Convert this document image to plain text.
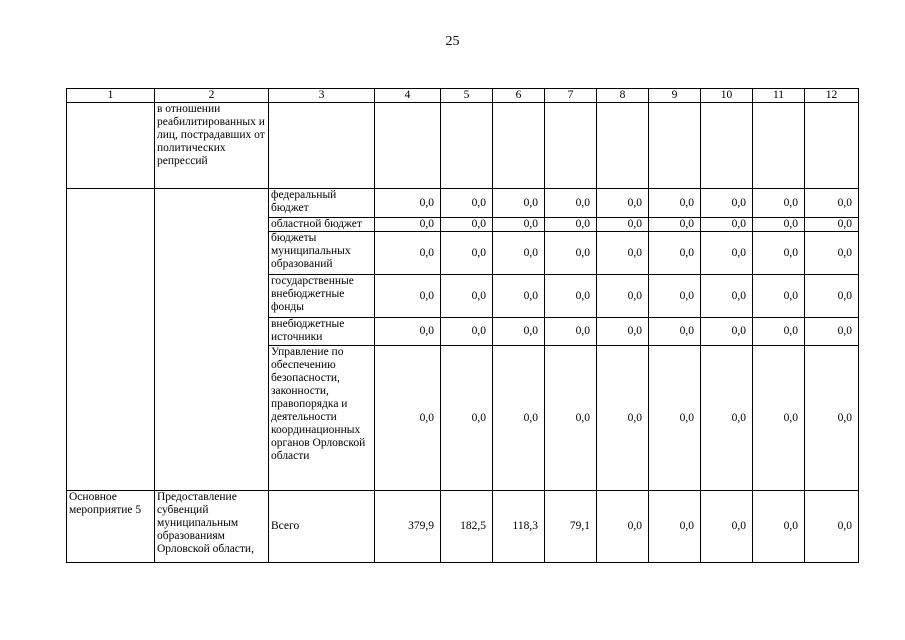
25
1	2	3	4	5	6	7	8	9	10	11	12
	в отношении реабилитированных и лиц, пострадавших от политических репрессий										
		федеральный бюджет	0,0	0,0	0,0	0,0	0,0	0,0	0,0	0,0	0,0
		областной бюджет	0,0	0,0	0,0	0,0	0,0	0,0	0,0	0,0	0,0
		бюджеты муниципальных образований	0,0	0,0	0,0	0,0	0,0	0,0	0,0	0,0	0,0
		государственные внебюджетные фонды	0,0	0,0	0,0	0,0	0,0	0,0	0,0	0,0	0,0
		внебюджетные источники	0,0	0,0	0,0	0,0	0,0	0,0	0,0	0,0	0,0
		Управление по обеспечению безопасности, законности, правопорядка и деятельности координационных органов Орловской области	0,0	0,0	0,0	0,0	0,0	0,0	0,0	0,0	0,0
Основное мероприятие 5	Предоставление субвенций муниципальным образованиям Орловской области,	Всего	379,9	182,5	118,3	79,1	0,0	0,0	0,0	0,0	0,0
